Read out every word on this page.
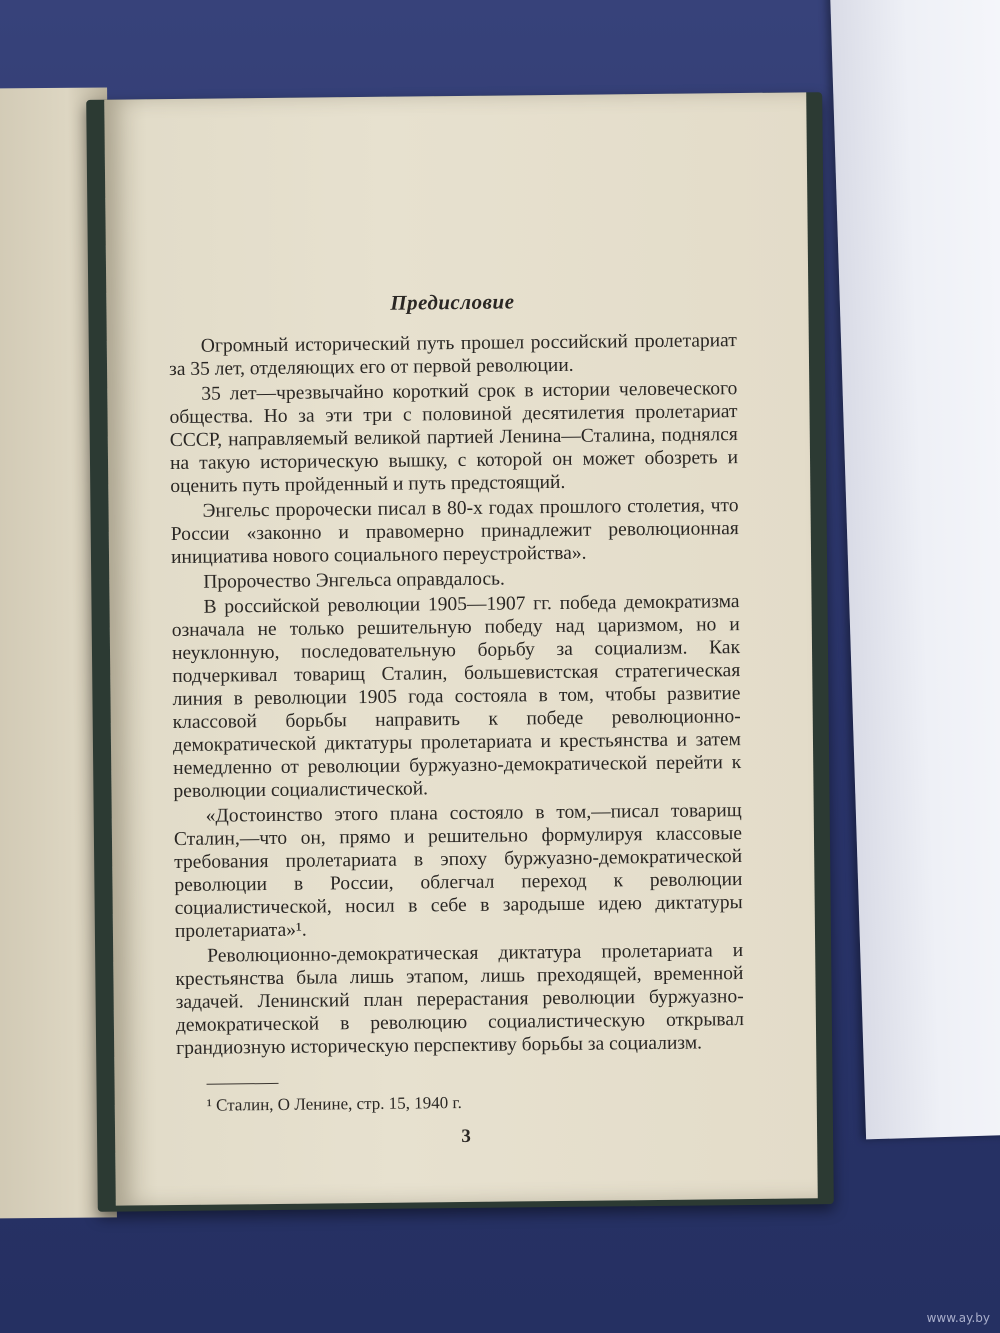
Предисловие

Огромный исторический путь прошел российский пролетариат за 35 лет, отделяющих его от первой революции.

35 лет—чрезвычайно короткий срок в истории человеческого общества. Но за эти три с половиной десятилетия пролетариат СССР, направляемый великой партией Ленина—Сталина, поднялся на такую историческую вышку, с которой он может обозреть и оценить путь пройденный и путь предстоящий.

Энгельс пророчески писал в 80-х годах прошлого столетия, что России «законно и правомерно принадлежит революционная инициатива нового социального переустройства».

Пророчество Энгельса оправдалось.

В российской революции 1905—1907 гг. победа демократизма означала не только решительную победу над царизмом, но и неуклонную, последовательную борьбу за социализм. Как подчеркивал товарищ Сталин, большевистская стратегическая линия в революции 1905 года состояла в том, чтобы развитие классовой борьбы направить к победе революционно-демократической диктатуры пролетариата и крестьянства и затем немедленно от революции буржуазно-демократической перейти к революции социалистической.

«Достоинство этого плана состояло в том,—писал товарищ Сталин,—что он, прямо и решительно формулируя классовые требования пролетариата в эпоху буржуазно-демократической революции в России, облегчал переход к революции социалистической, носил в себе в зародыше идею диктатуры пролетариата»¹.

Революционно-демократическая диктатура пролетариата и крестьянства была лишь этапом, лишь преходящей, временной задачей. Ленинский план перерастания революции буржуазно-демократической в революцию социалистическую открывал грандиозную историческую перспективу борьбы за социализм.

¹ Сталин, О Ленине, стр. 15, 1940 г.
3
www.ay.by
